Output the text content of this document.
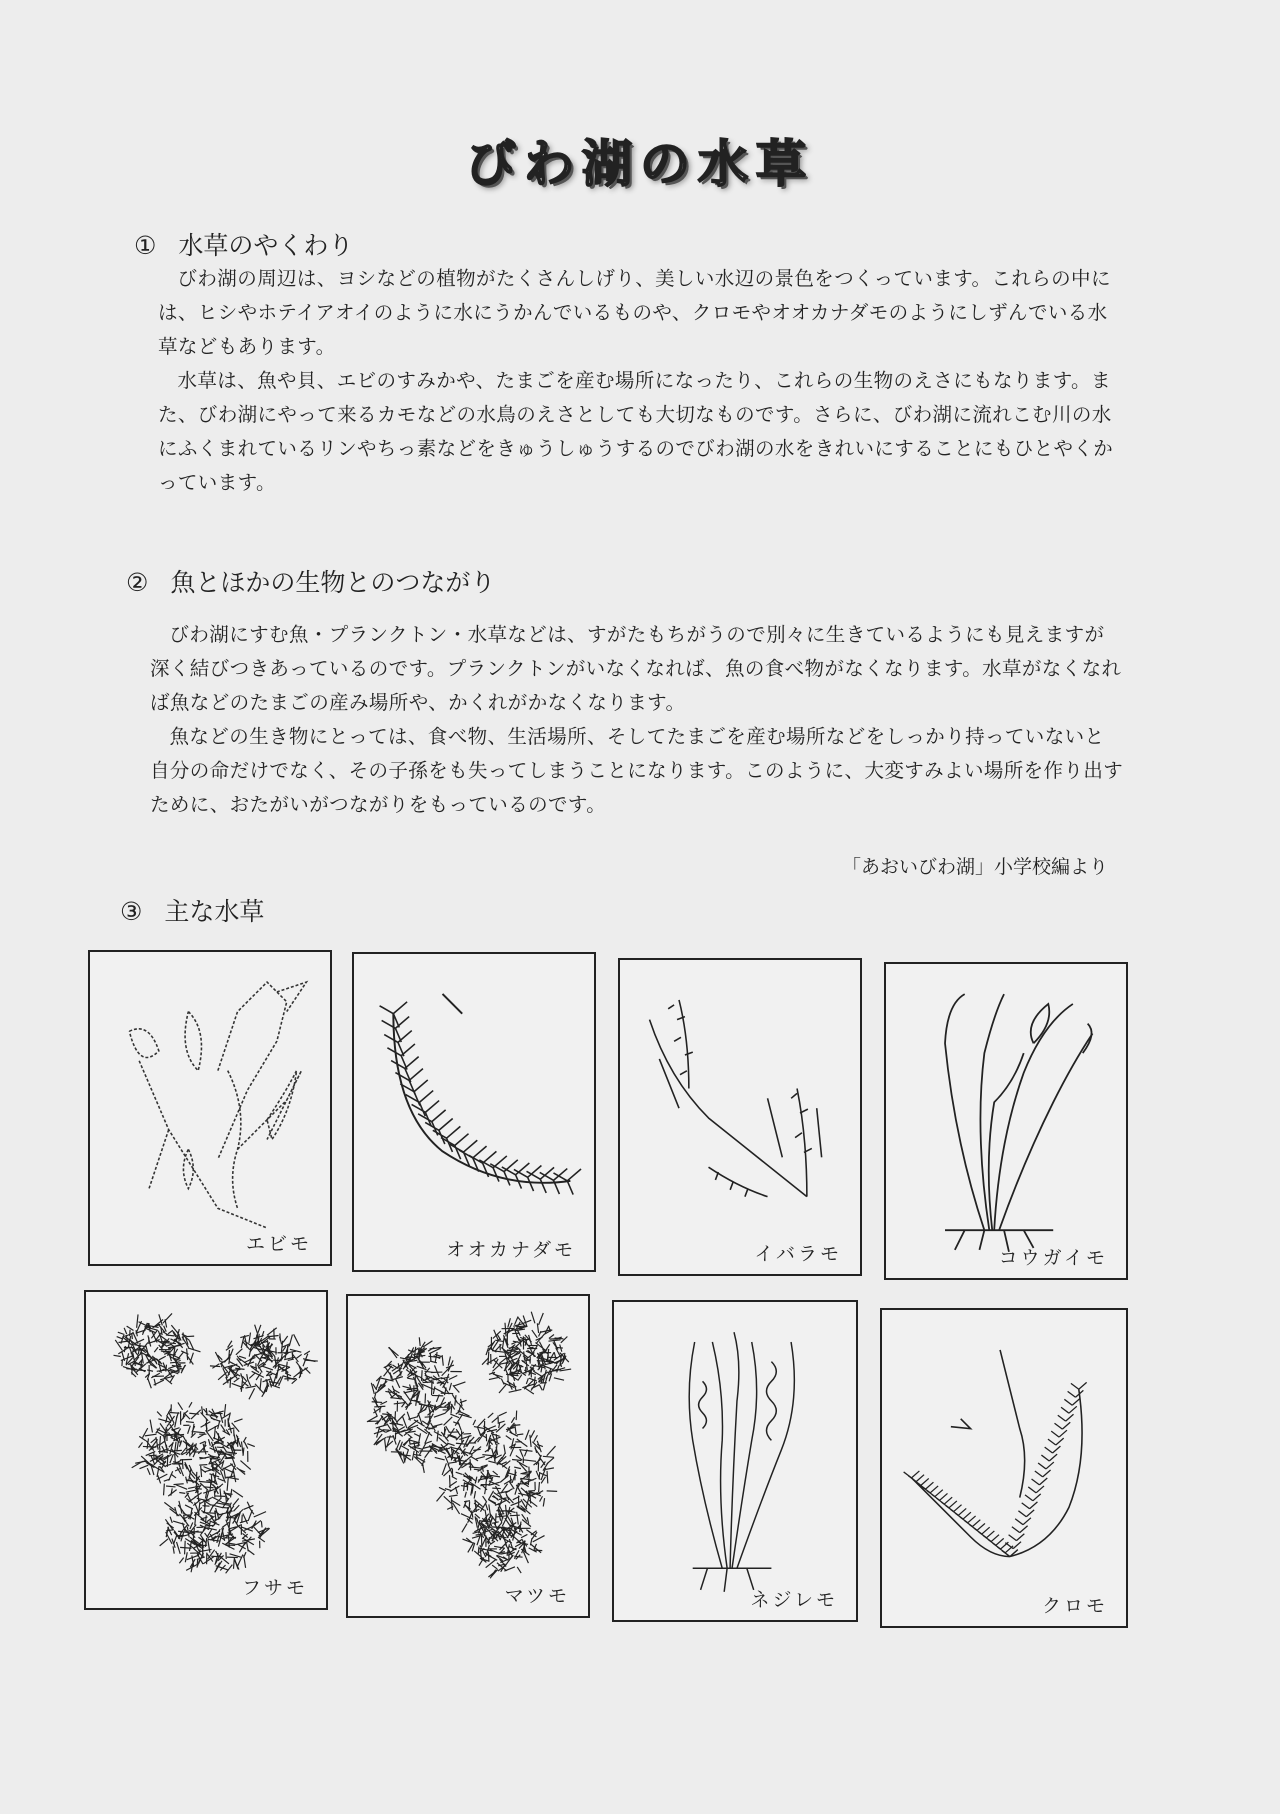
びわ湖の水草
① 水草のやくわり

びわ湖の周辺は、ヨシなどの植物がたくさんしげり、美しい水辺の景色をつくっています。これらの中には、ヒシやホテイアオイのように水にうかんでいるものや、クロモやオオカナダモのようにしずんでいる水草などもあります。

水草は、魚や貝、エビのすみかや、たまごを産む場所になったり、これらの生物のえさにもなります。また、びわ湖にやって来るカモなどの水鳥のえさとしても大切なものです。さらに、びわ湖に流れこむ川の水にふくまれているリンやちっ素などをきゅうしゅうするのでびわ湖の水をきれいにすることにもひとやくかっています。

② 魚とほかの生物とのつながり

びわ湖にすむ魚・プランクトン・水草などは、すがたもちがうので別々に生きているようにも見えますが深く結びつきあっているのです。プランクトンがいなくなれば、魚の食べ物がなくなります。水草がなくなれば魚などのたまごの産み場所や、かくれがかなくなります。

魚などの生き物にとっては、食べ物、生活場所、そしてたまごを産む場所などをしっかり持っていないと自分の命だけでなく、その子孫をも失ってしまうことになります。このように、大変すみよい場所を作り出すために、おたがいがつながりをもっているのです。

「あおいびわ湖」小学校編より
③ 主な水草
エビモ	オオカナダモ	イバラモ	コウガイモ
フサモ	マツモ	ネジレモ	クロモ
